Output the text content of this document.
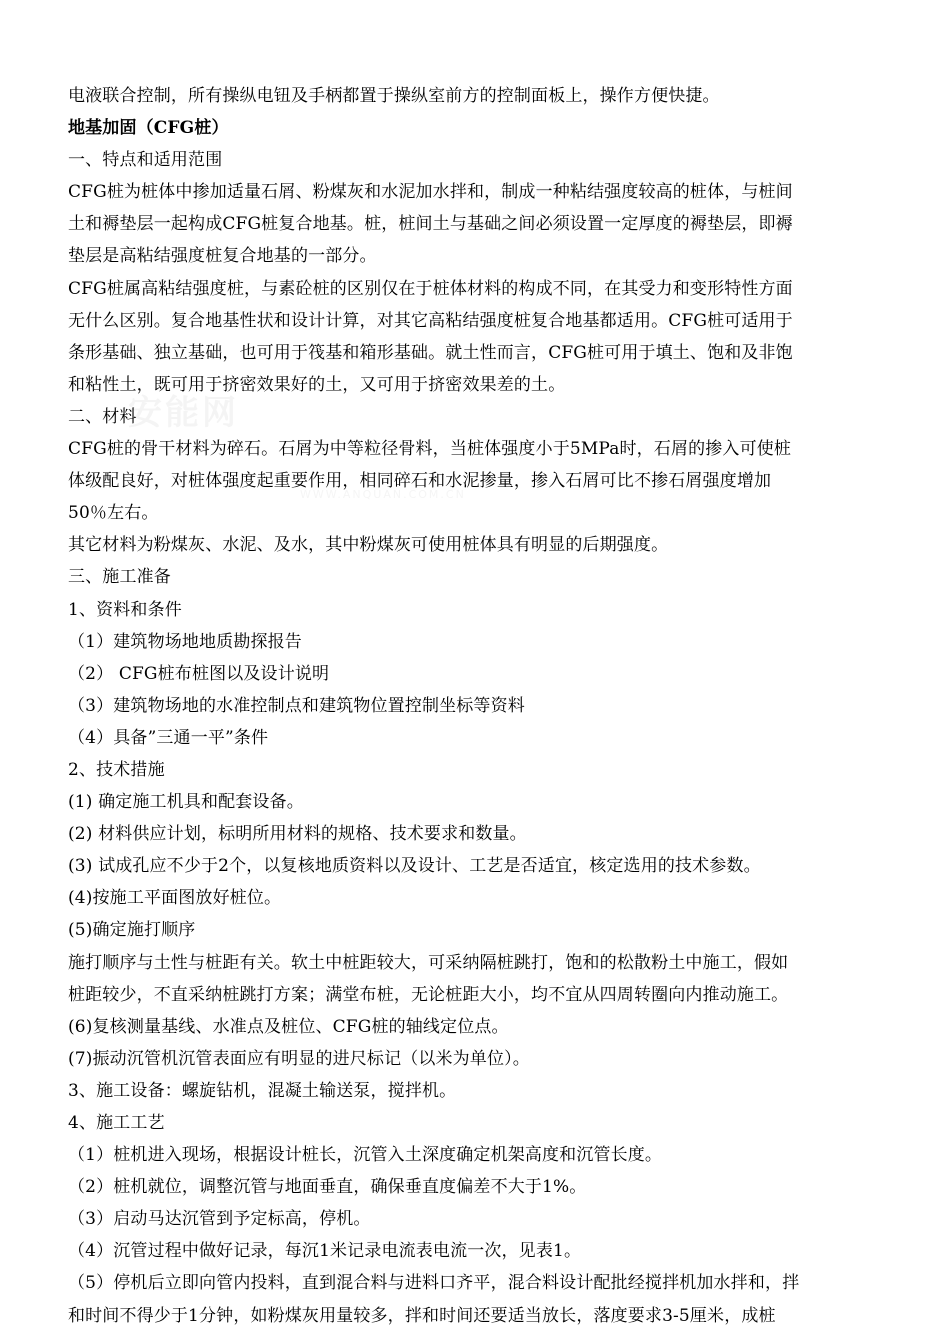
安能网
WWW.ANQUAN.COM.CN
电液联合控制，所有操纵电钮及手柄都置于操纵室前方的控制面板上，操作方便快捷。
地基加固（CFG桩）
一、特点和适用范围
CFG桩为桩体中掺加适量石屑、粉煤灰和水泥加水拌和，制成一种粘结强度较高的桩体，与桩间
土和褥垫层一起构成CFG桩复合地基。桩，桩间土与基础之间必须设置一定厚度的褥垫层，即褥
垫层是高粘结强度桩复合地基的一部分。
CFG桩属高粘结强度桩，与素砼桩的区别仅在于桩体材料的构成不同，在其受力和变形特性方面
无什么区别。复合地基性状和设计计算，对其它高粘结强度桩复合地基都适用。CFG桩可适用于
条形基础、独立基础，也可用于筏基和箱形基础。就土性而言，CFG桩可用于填土、饱和及非饱
和粘性土，既可用于挤密效果好的土，又可用于挤密效果差的土。
二、材料
CFG桩的骨干材料为碎石。石屑为中等粒径骨料，当桩体强度小于5MPa时，石屑的掺入可使桩
体级配良好，对桩体强度起重要作用，相同碎石和水泥掺量，掺入石屑可比不掺石屑强度增加
50％左右。
其它材料为粉煤灰、水泥、及水，其中粉煤灰可使用桩体具有明显的后期强度。
三、施工准备
1、资料和条件
（1）建筑物场地地质勘探报告
（2） CFG桩布桩图以及设计说明
（3）建筑物场地的水准控制点和建筑物位置控制坐标等资料
（4）具备”三通一平”条件
2、技术措施
(1) 确定施工机具和配套设备。
(2) 材料供应计划，标明所用材料的规格、技术要求和数量。
(3) 试成孔应不少于2个，以复核地质资料以及设计、工艺是否适宜，核定选用的技术参数。
(4)按施工平面图放好桩位。
(5)确定施打顺序
施打顺序与土性与桩距有关。软土中桩距较大，可采纳隔桩跳打，饱和的松散粉土中施工，假如
桩距较少，不直采纳桩跳打方案；满堂布桩，无论桩距大小，均不宜从四周转圈向内推动施工。
(6)复核测量基线、水准点及桩位、CFG桩的轴线定位点。
(7)振动沉管机沉管表面应有明显的进尺标记（以米为单位）。
3、施工设备：螺旋钻机，混凝土输送泵，搅拌机。
4、施工工艺
（1）桩机进入现场，根据设计桩长，沉管入土深度确定机架高度和沉管长度。
（2）桩机就位，调整沉管与地面垂直，确保垂直度偏差不大于1%。
（3）启动马达沉管到予定标高，停机。
（4）沉管过程中做好记录，每沉1米记录电流表电流一次，见表1。
（5）停机后立即向管内投料，直到混合料与进料口齐平，混合料设计配批经搅拌机加水拌和，拌
和时间不得少于1分钟，如粉煤灰用量较多，拌和时间还要适当放长，落度要求3-5厘米，成桩
